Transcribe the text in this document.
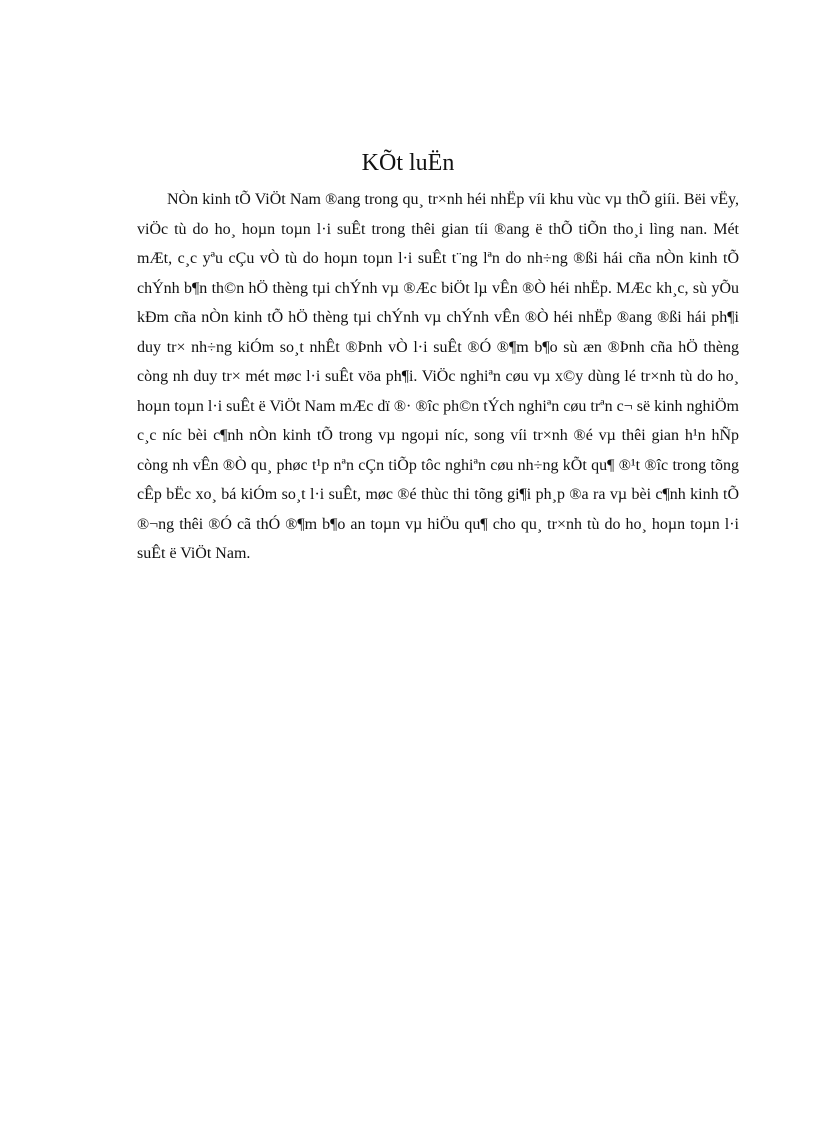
KÕt luËn

NÒn kinh tÕ ViÖt Nam ®ang trong qu¸ tr×nh héi nhËp víi khu vùc vµ thÕ giíi. Bëi vËy, viÖc tù do ho¸ hoµn toµn l·i suÊt trong thêi gian tíi ®ang ë thÕ tiÕn tho¸i lìng nan. Mét mÆt, c¸c yªu cÇu vÒ tù do hoµn toµn l·i suÊt t¨ng lªn do nh÷ng ®ßi hái cña nÒn kinh tÕ chÝnh b¶n th©n hÖ thèng tµi chÝnh vµ ®Æc biÖt lµ vÊn ®Ò héi nhËp. MÆc kh¸c, sù yÕu kÐm cña nÒn kinh tÕ hÖ thèng tµi chÝnh vµ chÝnh vÊn ®Ò héi nhËp ®ang ®ßi hái ph¶i duy tr× nh÷ng kiÓm so¸t nhÊt ®Þnh vÒ l·i suÊt ®Ó ®¶m b¶o sù æn ®Þnh cña hÖ thèng còng nh duy tr× mét møc l·i suÊt vöa ph¶i. ViÖc nghiªn cøu vµ x©y dùng lé tr×nh tù do ho¸ hoµn toµn l·i suÊt ë ViÖt Nam mÆc dï ®· ®îc ph©n tÝch nghiªn cøu trªn c¬ së kinh nghiÖm c¸c níc bèi c¶nh nÒn kinh tÕ trong vµ ngoµi níc, song víi tr×nh ®é vµ thêi gian h¹n hÑp còng nh vÊn ®Ò qu¸ phøc t¹p nªn cÇn tiÕp tôc nghiªn cøu nh÷ng kÕt qu¶ ®¹t ®îc trong tõng cÊp bËc xo¸ bá kiÓm so¸t l·i suÊt, møc ®é thùc thi tõng gi¶i ph¸p ®a ra vµ bèi c¶nh kinh tÕ ®¬ng thêi ®Ó cã thÓ ®¶m b¶o an toµn vµ hiÖu qu¶ cho qu¸ tr×nh tù do ho¸ hoµn toµn l·i suÊt ë ViÖt Nam.
